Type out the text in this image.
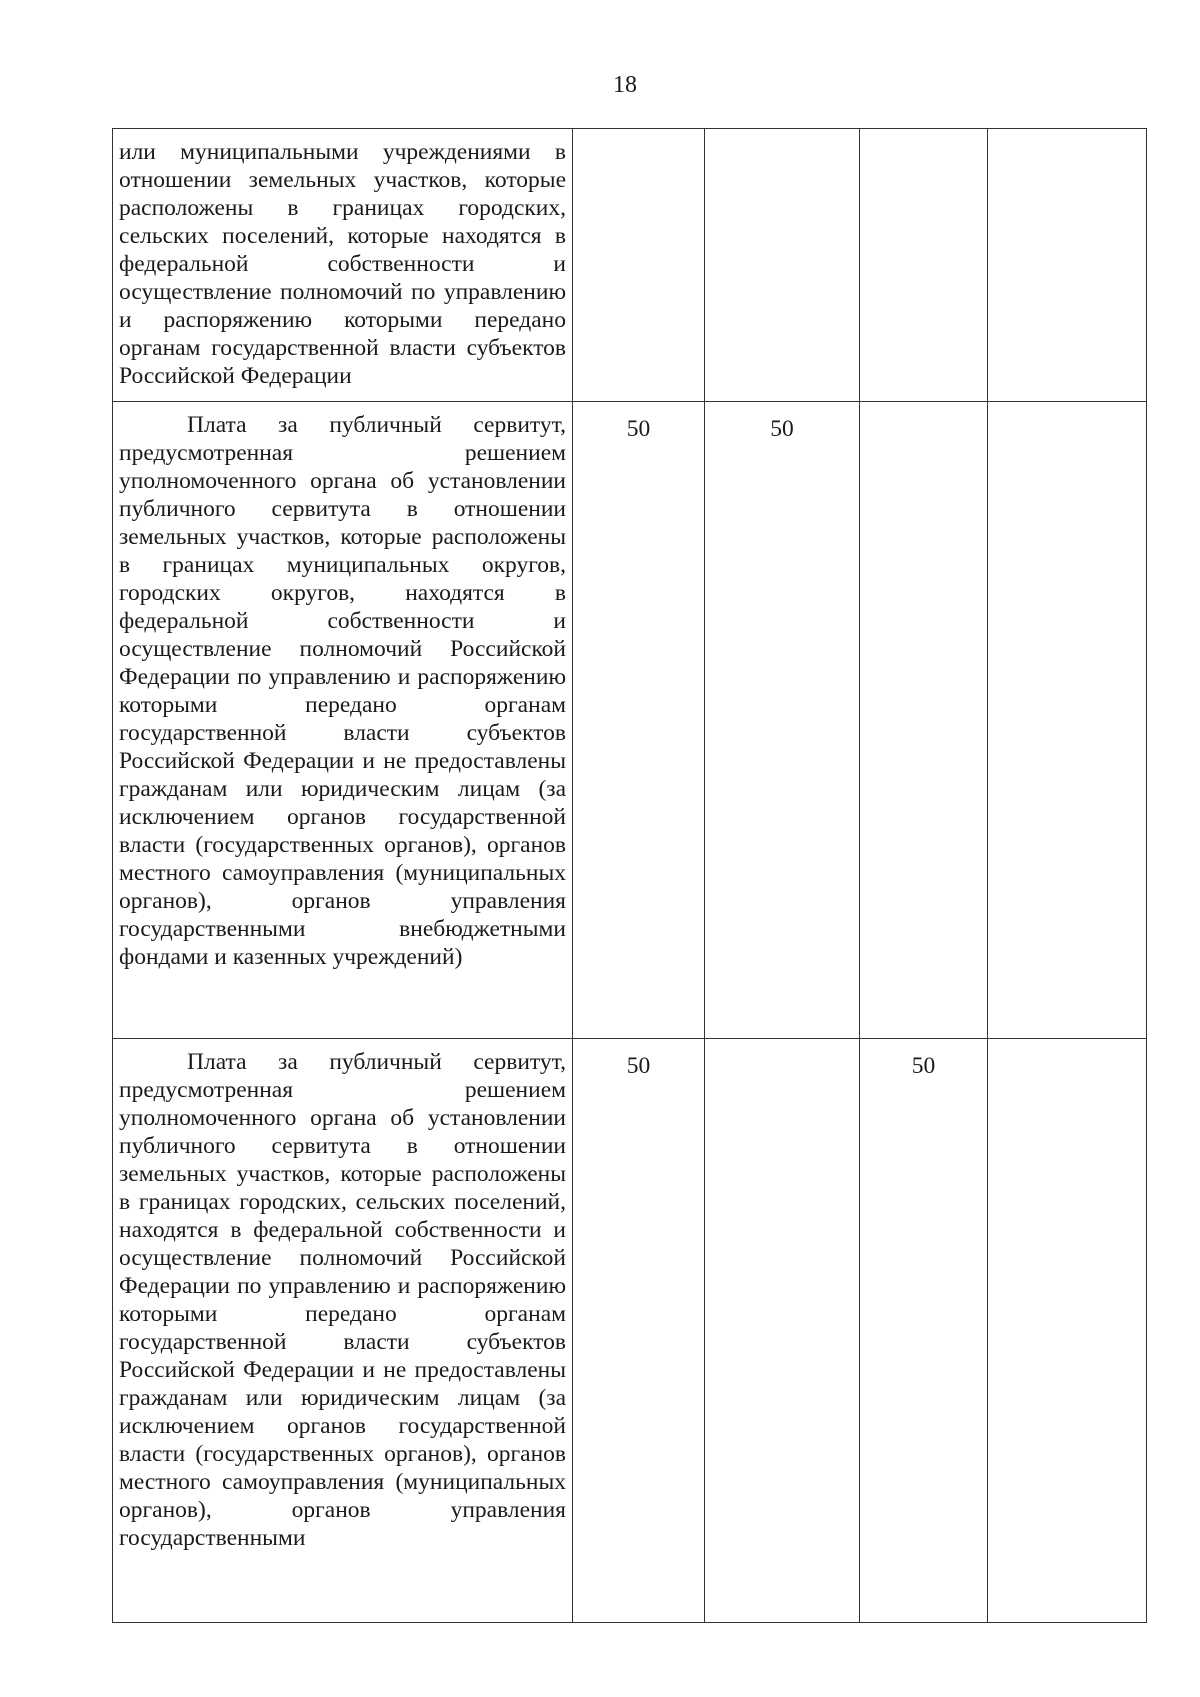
18
или муниципальными учреждениями в отношении земельных участков, которые расположены в границах городских, сельских поселений, которые находятся в федеральной собственности и осуществление полномочий по управлению и распоряжению которыми передано органам государственной власти субъектов Российской Федерации				
Плата за публичный сервитут, предусмотренная решением уполномоченного органа об установлении публичного сервитута в отношении земельных участков, которые расположены в границах муниципальных округов, городских округов, находятся в федеральной собственности и осуществление полномочий Российской Федерации по управлению и распоряжению которыми передано органам государственной власти субъектов Российской Федерации и не предоставлены гражданам или юридическим лицам (за исключением органов государственной власти (государственных органов), органов местного самоуправления (муниципальных органов), органов управления государственными внебюджетными фондами и казенных учреждений)	50	50		
Плата за публичный сервитут, предусмотренная решением уполномоченного органа об установлении публичного сервитута в отношении земельных участков, которые расположены в границах городских, сельских поселений, находятся в федеральной собственности и осуществление полномочий Российской Федерации по управлению и распоряжению которыми передано органам государственной власти субъектов Российской Федерации и не предоставлены гражданам или юридическим лицам (за исключением органов государственной власти (государственных органов), органов местного самоуправления (муниципальных органов), органов управления государственными	50		50	
